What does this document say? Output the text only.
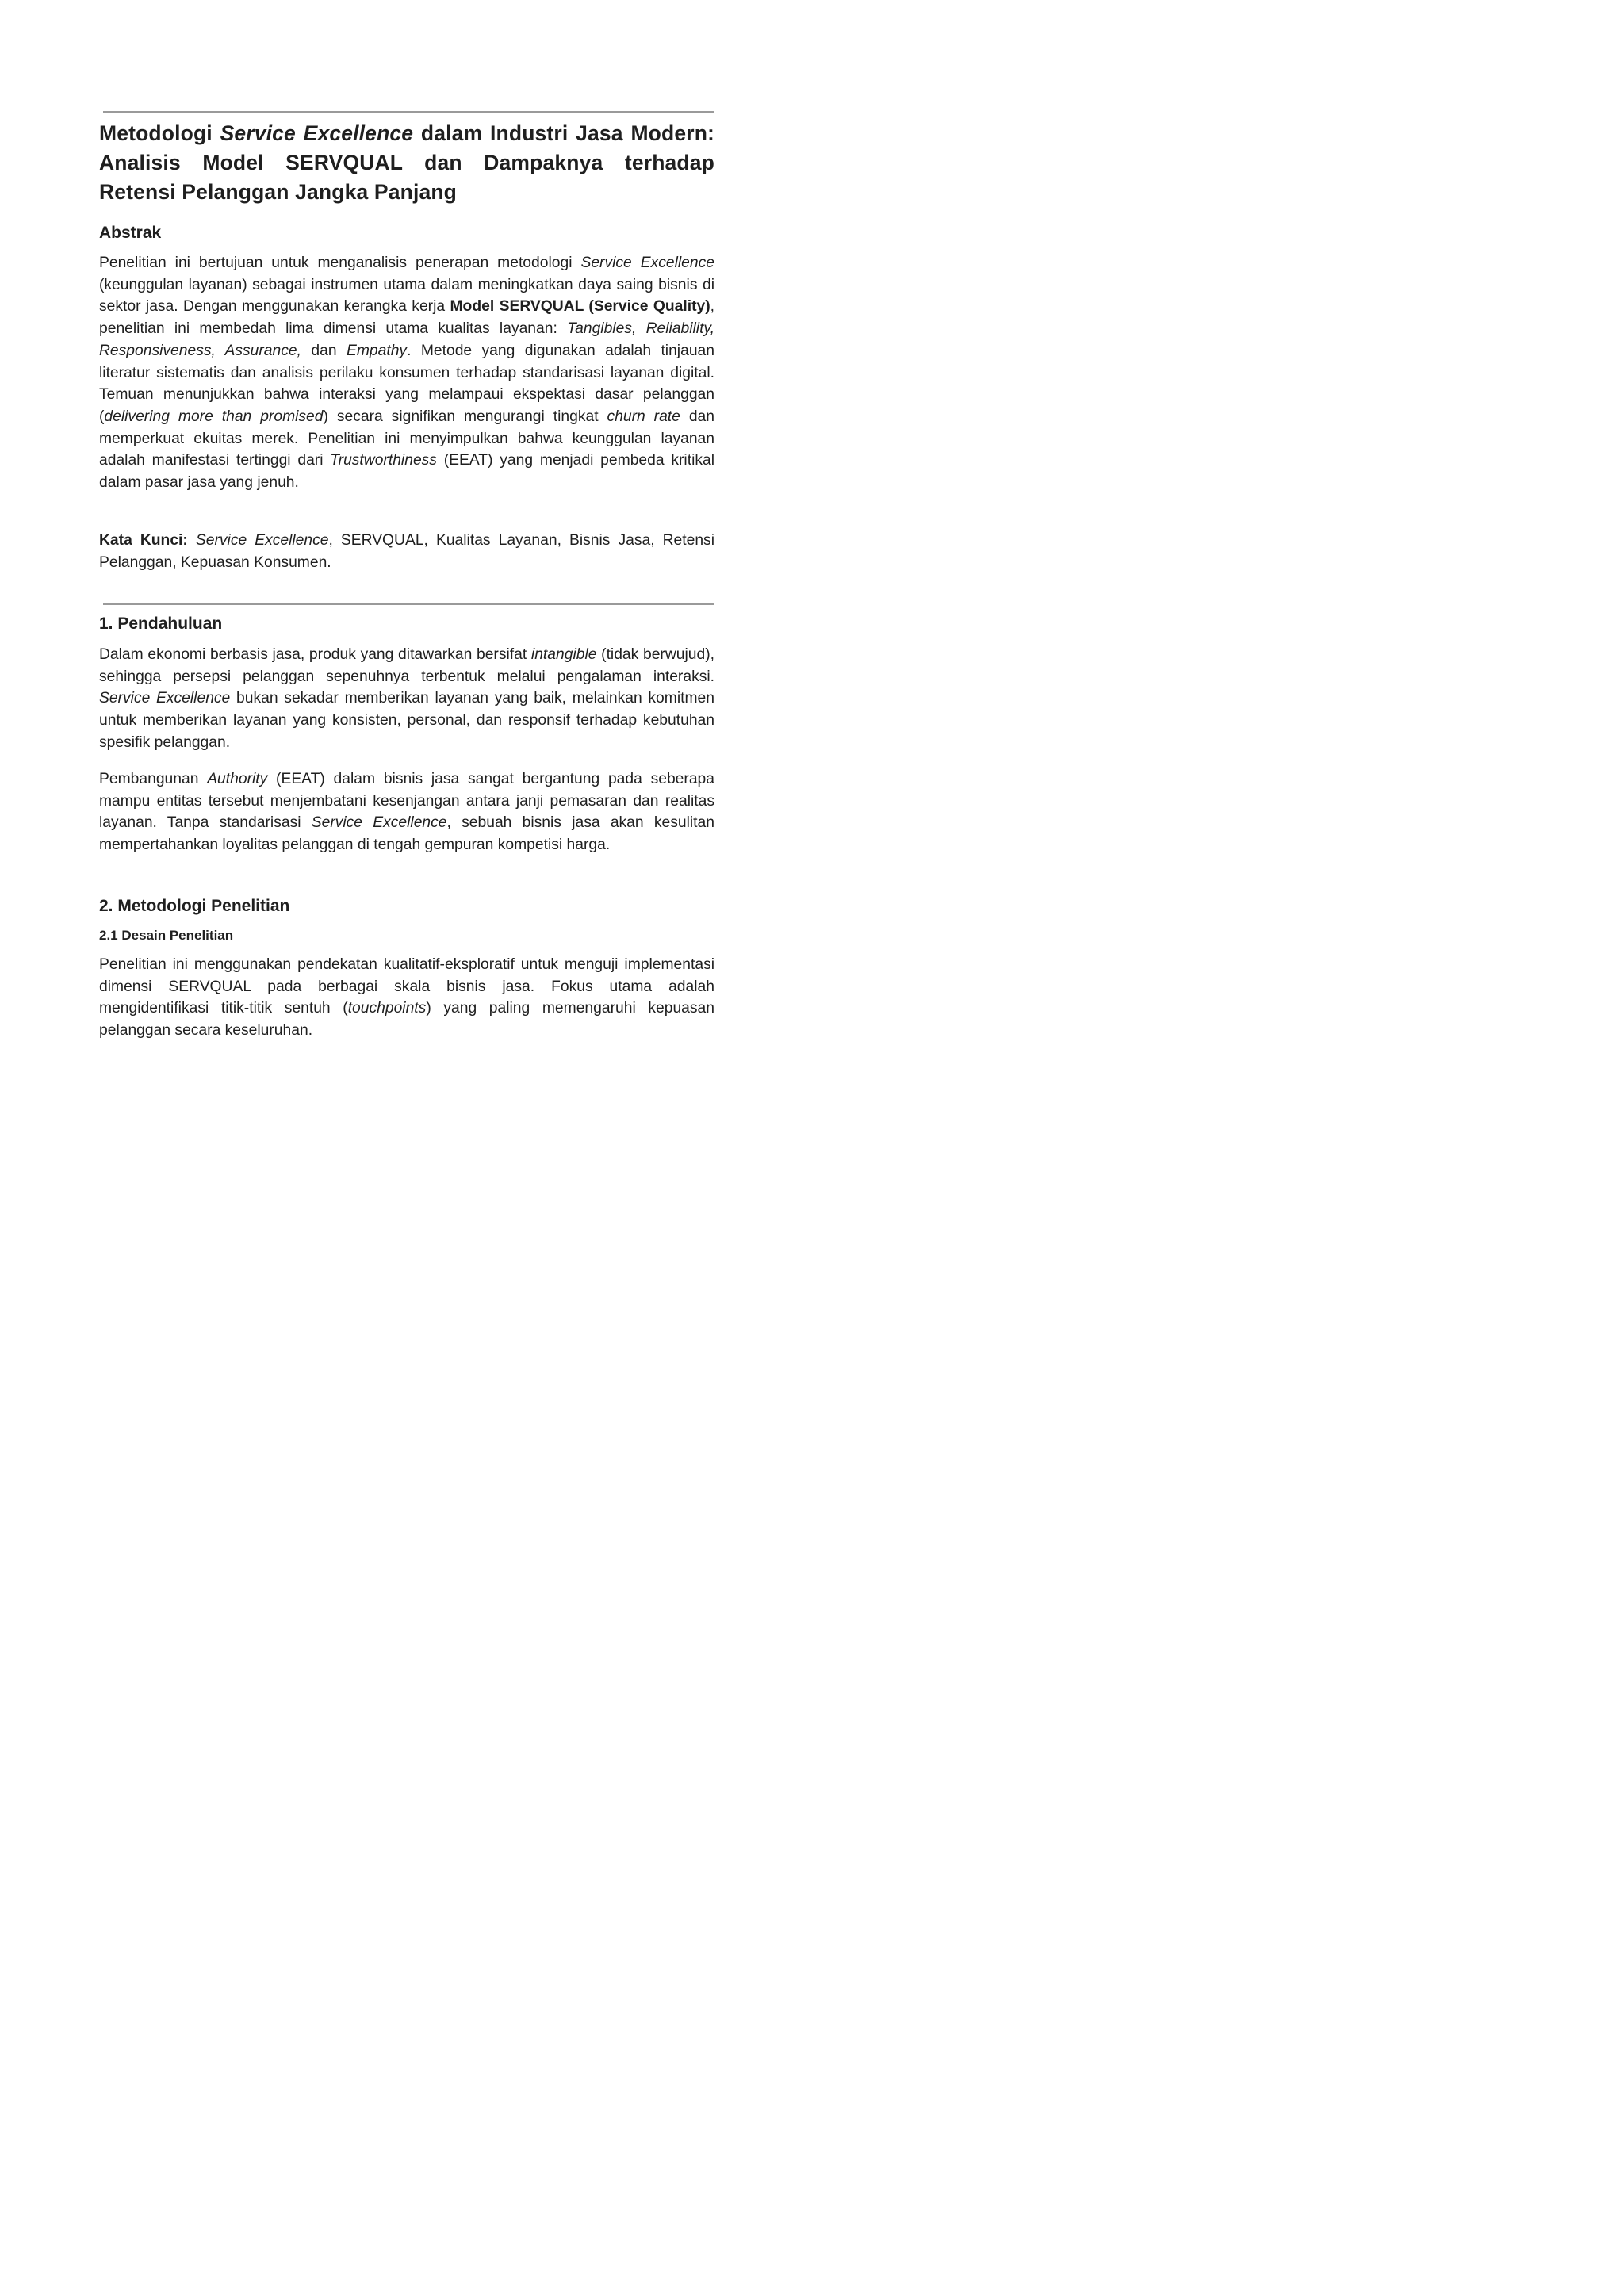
Metodologi Service Excellence dalam Industri Jasa Modern: Analisis Model SERVQUAL dan Dampaknya terhadap Retensi Pelanggan Jangka Panjang
Abstrak

Penelitian ini bertujuan untuk menganalisis penerapan metodologi Service Excellence (keunggulan layanan) sebagai instrumen utama dalam meningkatkan daya saing bisnis di sektor jasa. Dengan menggunakan kerangka kerja Model SERVQUAL (Service Quality), penelitian ini membedah lima dimensi utama kualitas layanan: Tangibles, Reliability, Responsiveness, Assurance, dan Empathy. Metode yang digunakan adalah tinjauan literatur sistematis dan analisis perilaku konsumen terhadap standarisasi layanan digital. Temuan menunjukkan bahwa interaksi yang melampaui ekspektasi dasar pelanggan (delivering more than promised) secara signifikan mengurangi tingkat churn rate dan memperkuat ekuitas merek. Penelitian ini menyimpulkan bahwa keunggulan layanan adalah manifestasi tertinggi dari Trustworthiness (EEAT) yang menjadi pembeda kritikal dalam pasar jasa yang jenuh.

Kata Kunci: Service Excellence, SERVQUAL, Kualitas Layanan, Bisnis Jasa, Retensi Pelanggan, Kepuasan Konsumen.

1. Pendahuluan

Dalam ekonomi berbasis jasa, produk yang ditawarkan bersifat intangible (tidak berwujud), sehingga persepsi pelanggan sepenuhnya terbentuk melalui pengalaman interaksi. Service Excellence bukan sekadar memberikan layanan yang baik, melainkan komitmen untuk memberikan layanan yang konsisten, personal, dan responsif terhadap kebutuhan spesifik pelanggan.

Pembangunan Authority (EEAT) dalam bisnis jasa sangat bergantung pada seberapa mampu entitas tersebut menjembatani kesenjangan antara janji pemasaran dan realitas layanan. Tanpa standarisasi Service Excellence, sebuah bisnis jasa akan kesulitan mempertahankan loyalitas pelanggan di tengah gempuran kompetisi harga.

2. Metodologi Penelitian
2.1 Desain Penelitian

Penelitian ini menggunakan pendekatan kualitatif-eksploratif untuk menguji implementasi dimensi SERVQUAL pada berbagai skala bisnis jasa. Fokus utama adalah mengidentifikasi titik-titik sentuh (touchpoints) yang paling memengaruhi kepuasan pelanggan secara keseluruhan.
